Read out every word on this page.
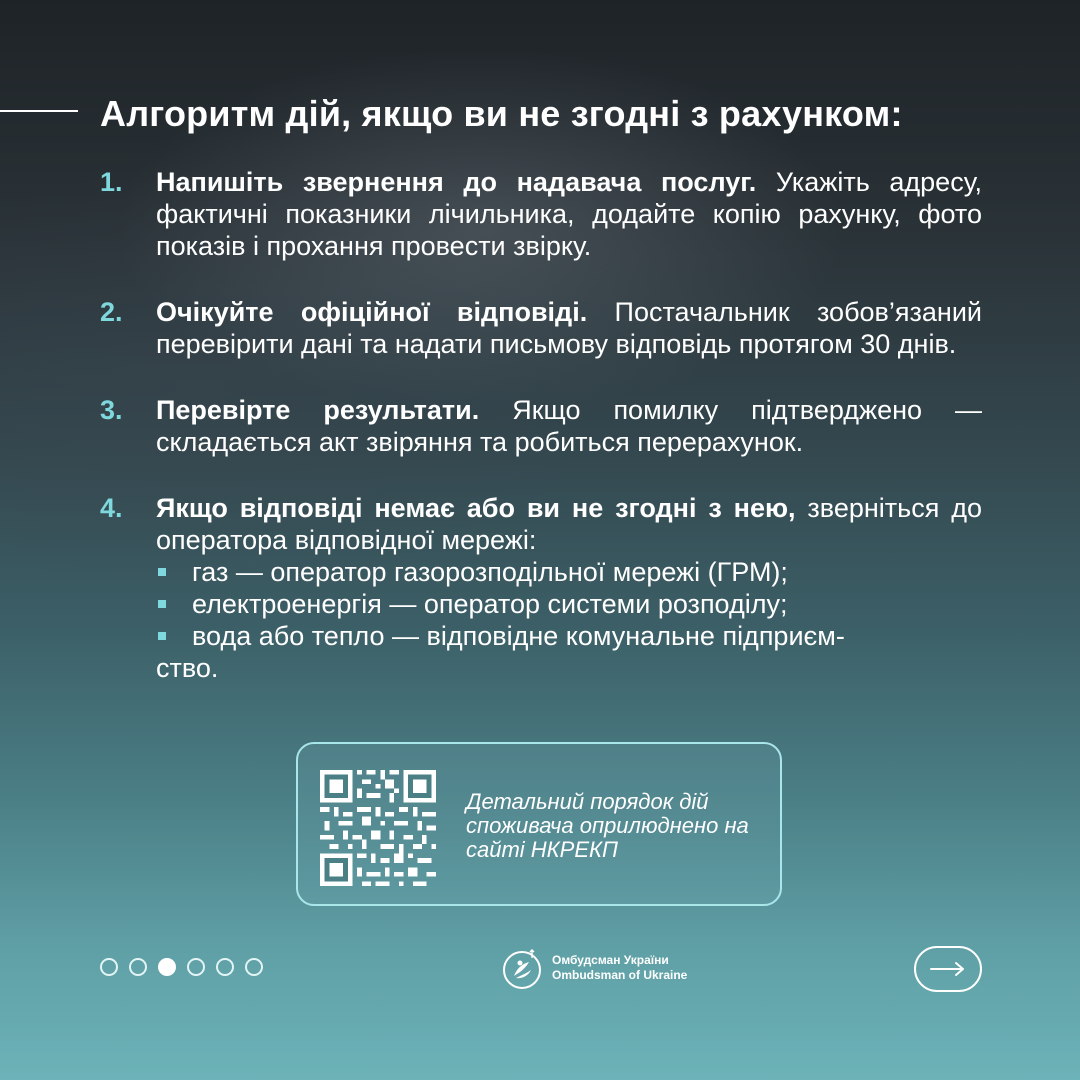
Алгоритм дій, якщо ви не згодні з рахунком:
1. Напишіть звернення до надавача послуг. Укажіть адресу, фактичні показники лічильника, додайте копію рахунку, фото показів і прохання провести звірку.
2. Очікуйте офіційної відповіді. Постачальник зобов’язаний перевірити дані та надати письмову відповідь протягом 30 днів.
3. Перевірте результати. Якщо помилку підтверджено — складається акт звіряння та робиться перерахунок.
4. Якщо відповіді немає або ви не згодні з нею, зверніться до оператора відповідної мережі:
газ — оператор газорозподільної мережі (ГРМ);
електроенергія — оператор системи розподілу;
вода або тепло — відповідне комунальне підприєм-
ство.
Детальний порядок дій споживача оприлюднено на сайті НКРЕКП
Омбудсман України
Ombudsman of Ukraine
